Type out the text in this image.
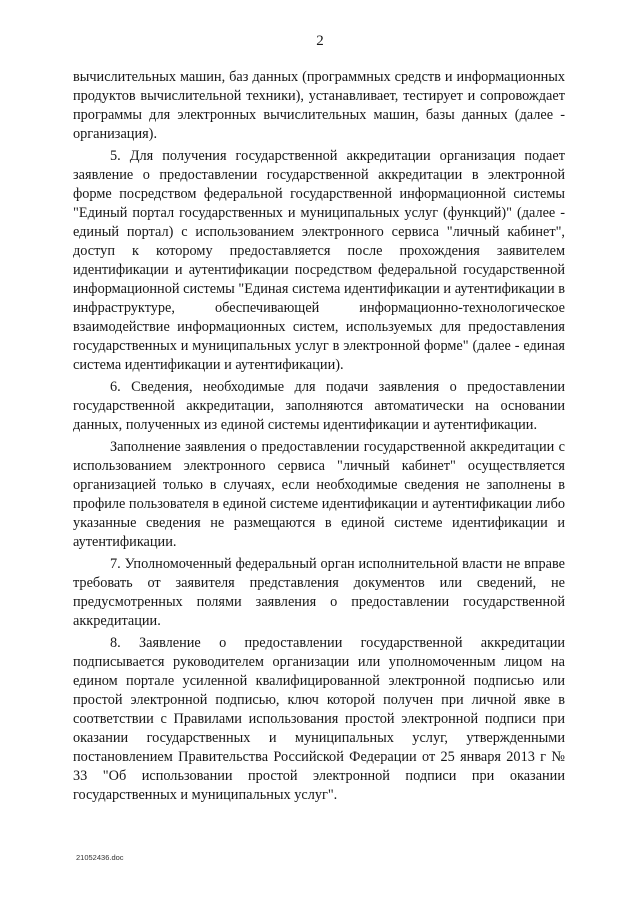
2

вычислительных машин, баз данных (программных средств и информационных продуктов вычислительной техники), устанавливает, тестирует и сопровождает программы для электронных вычислительных машин, базы данных (далее - организация).

5. Для получения государственной аккредитации организация подает заявление о предоставлении государственной аккредитации в электронной форме посредством федеральной государственной информационной системы "Единый портал государственных и муниципальных услуг (функций)" (далее - единый портал) с использованием электронного сервиса "личный кабинет", доступ к которому предоставляется после прохождения заявителем идентификации и аутентификации посредством федеральной государственной информационной системы "Единая система идентификации и аутентификации в инфраструктуре, обеспечивающей информационно-технологическое взаимодействие информационных систем, используемых для предоставления государственных и муниципальных услуг в электронной форме" (далее - единая система идентификации и аутентификации).

6. Сведения, необходимые для подачи заявления о предоставлении государственной аккредитации, заполняются автоматически на основании данных, полученных из единой системы идентификации и аутентификации.

Заполнение заявления о предоставлении государственной аккредитации с использованием электронного сервиса "личный кабинет" осуществляется организацией только в случаях, если необходимые сведения не заполнены в профиле пользователя в единой системе идентификации и аутентификации либо указанные сведения не размещаются в единой системе идентификации и аутентификации.

7. Уполномоченный федеральный орган исполнительной власти не вправе требовать от заявителя представления документов или сведений, не предусмотренных полями заявления о предоставлении государственной аккредитации.

8. Заявление о предоставлении государственной аккредитации подписывается руководителем организации или уполномоченным лицом на едином портале усиленной квалифицированной электронной подписью или простой электронной подписью, ключ которой получен при личной явке в соответствии с Правилами использования простой электронной подписи при оказании государственных и муниципальных услуг, утвержденными постановлением Правительства Российской Федерации от 25 января 2013 г № 33 "Об использовании простой электронной подписи при оказании государственных и муниципальных услуг".

21052436.doc
